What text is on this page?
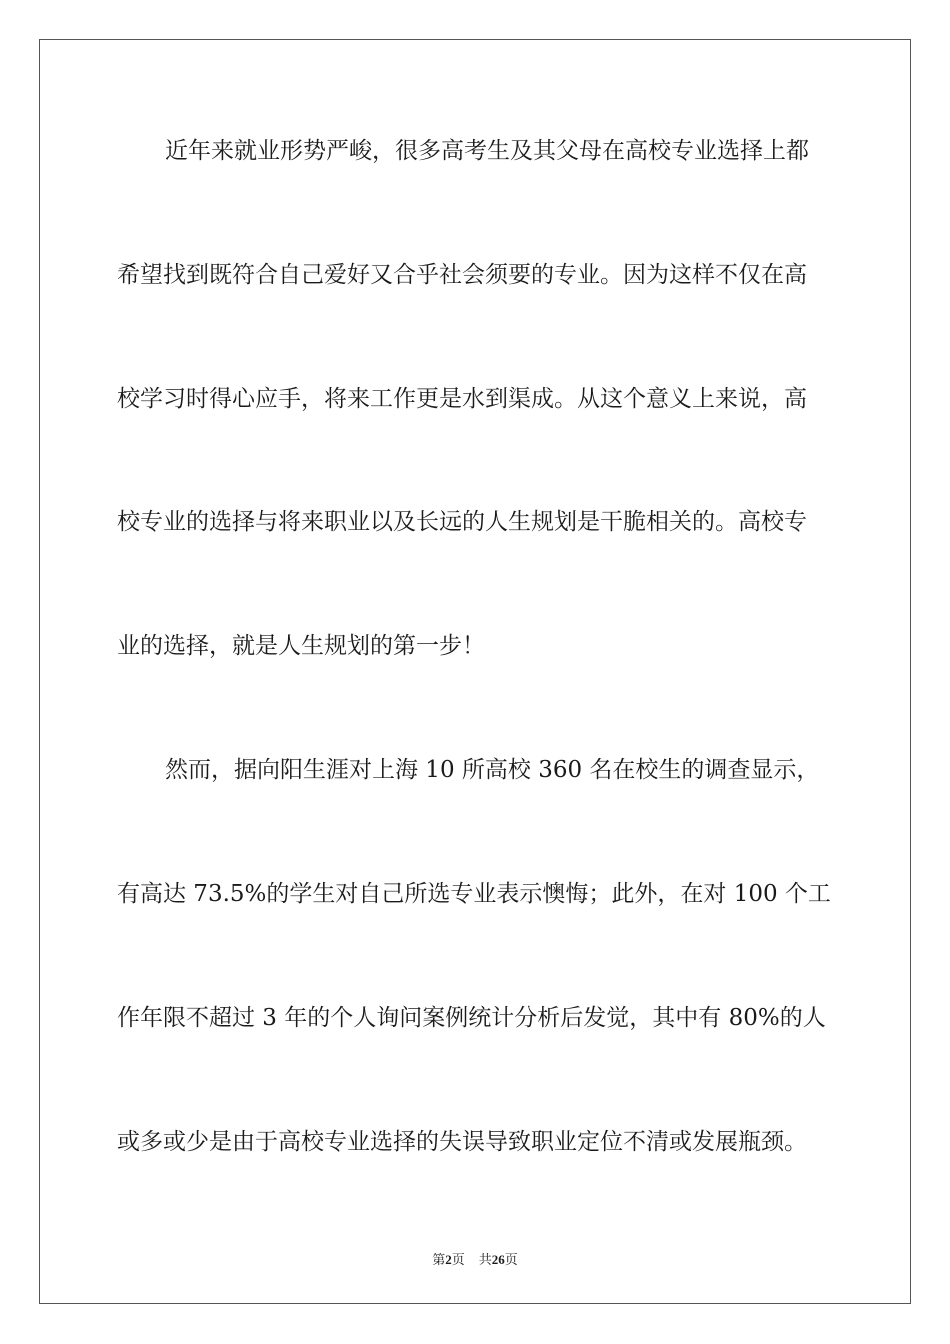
近年来就业形势严峻，很多高考生及其父母在高校专业选择上都
希望找到既符合自己爱好又合乎社会须要的专业。因为这样不仅在高
校学习时得心应手，将来工作更是水到渠成。从这个意义上来说，高
校专业的选择与将来职业以及长远的人生规划是干脆相关的。高校专
业的选择，就是人生规划的第一步！
然而，据向阳生涯对上海 10 所高校 360 名在校生的调查显示，
有高达 73.5%的学生对自己所选专业表示懊悔；此外，在对 100 个工
作年限不超过 3 年的个人询问案例统计分析后发觉，其中有 80%的人
或多或少是由于高校专业选择的失误导致职业定位不清或发展瓶颈。
第2页 共26页
